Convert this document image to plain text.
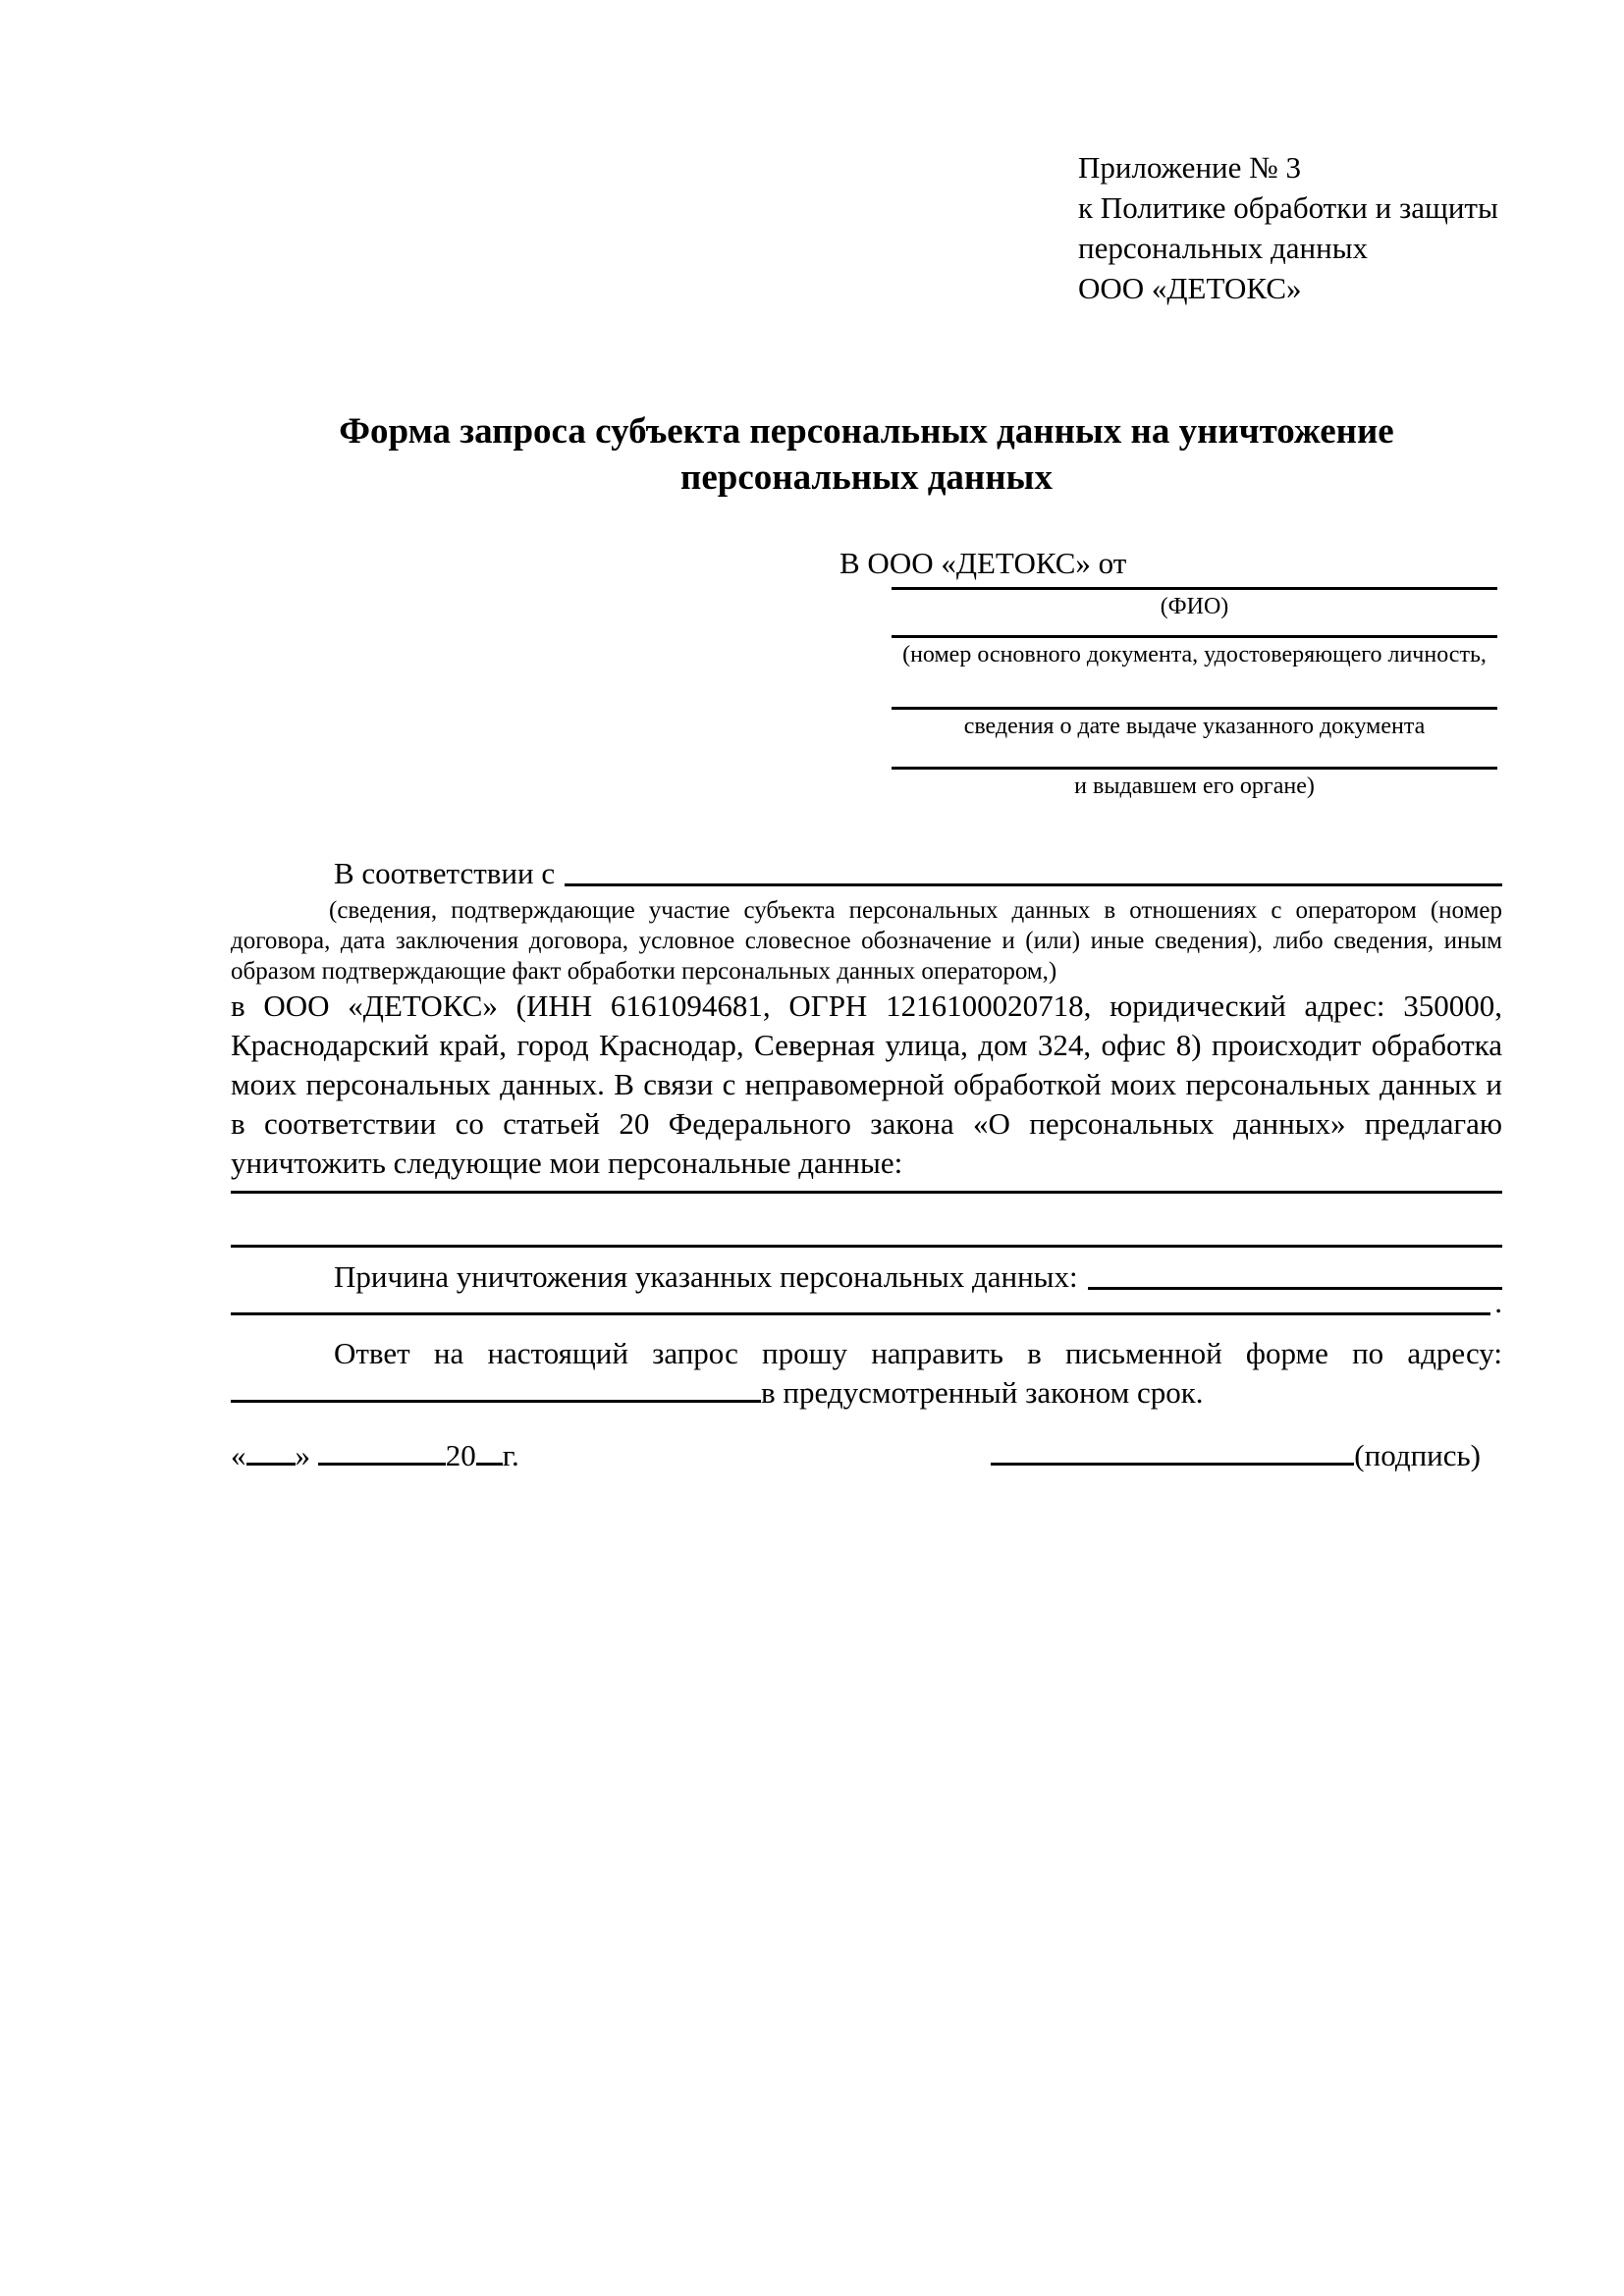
Приложение № 3
к Политике обработки и защиты
персональных данных
ООО «ДЕТОКС»
Форма запроса субъекта персональных данных на уничтожение персональных данных
В ООО «ДЕТОКС» от
(ФИО)
(номер основного документа, удостоверяющего личность,
сведения о дате выдаче указанного документа
и выдавшем его органе)
В соответствии с
(сведения, подтверждающие участие субъекта персональных данных в отношениях с оператором (номер договора, дата заключения договора, условное словесное обозначение и (или) иные сведения), либо сведения, иным образом подтверждающие факт обработки персональных данных оператором,)
в ООО «ДЕТОКС» (ИНН 6161094681, ОГРН 1216100020718, юридический адрес: 350000, Краснодарский край, город Краснодар, Северная улица, дом 324, офис 8) происходит обработка моих персональных данных. В связи с неправомерной обработкой моих персональных данных и в соответствии со статьей 20 Федерального закона «О персональных данных» предлагаю уничтожить следующие мои персональные данные:
Причина уничтожения указанных персональных данных:
.
Ответ на настоящий запрос прошу направить в письменной форме по адресу:
в предусмотренный законом срок.
« »	20 г.	(подпись)
